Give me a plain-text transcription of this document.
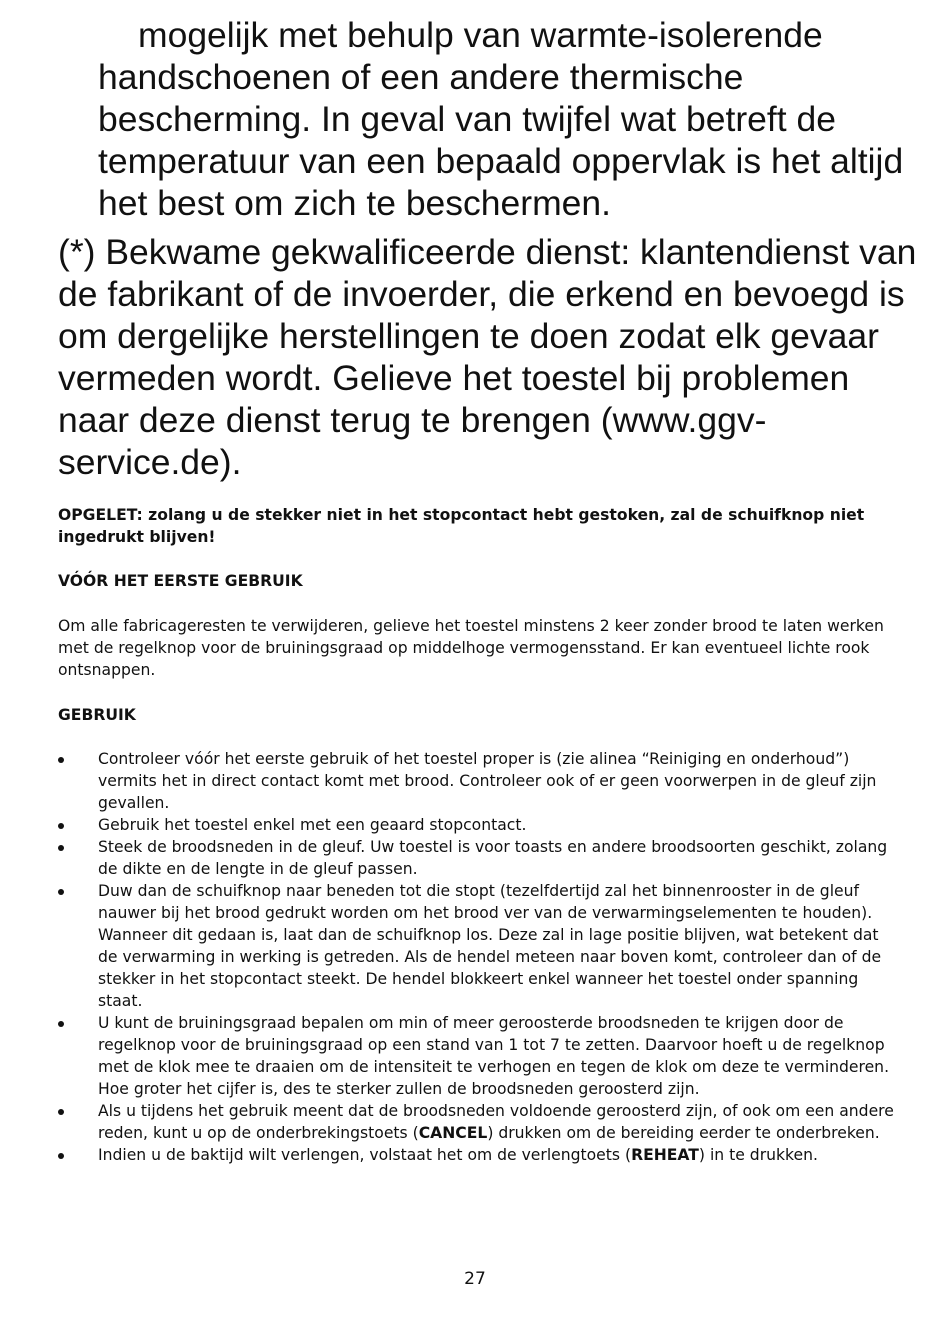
mogelijk met behulp van warmte-isolerende handschoenen of een andere thermische bescherming. In geval van twijfel wat betreft de temperatuur van een bepaald oppervlak is het altijd het best om zich te beschermen.

(*) Bekwame gekwalificeerde dienst: klantendienst van de fabrikant of de invoerder, die erkend en bevoegd is om dergelijke herstellingen te doen zodat elk gevaar vermeden wordt. Gelieve het toestel bij problemen naar deze dienst terug te brengen (www.ggv-service.de).

OPGELET: zolang u de stekker niet in het stopcontact hebt gestoken, zal de schuifknop niet ingedrukt blijven!

VÓÓR HET EERSTE GEBRUIK

Om alle fabricageresten te verwijderen, gelieve het toestel minstens 2 keer zonder brood te laten werken met de regelknop voor de bruiningsgraad op middelhoge vermogensstand. Er kan eventueel lichte rook ontsnappen.

GEBRUIK

Controleer vóór het eerste gebruik of het toestel proper is (zie alinea “Reiniging en onderhoud”) vermits het in direct contact komt met brood. Controleer ook of er geen voorwerpen in de gleuf zijn gevallen.
Gebruik het toestel enkel met een geaard stopcontact.
Steek de broodsneden in de gleuf. Uw toestel is voor toasts en andere broodsoorten geschikt, zolang de dikte en de lengte in de gleuf passen.
Duw dan de schuifknop naar beneden tot die stopt (tezelfdertijd zal het binnenrooster in de gleuf nauwer bij het brood gedrukt worden om het brood ver van de verwarmingselementen te houden). Wanneer dit gedaan is, laat dan de schuifknop los. Deze zal in lage positie blijven, wat betekent dat de verwarming in werking is getreden. Als de hendel meteen naar boven komt, controleer dan of de stekker in het stopcontact steekt. De hendel blokkeert enkel wanneer het toestel onder spanning staat.
U kunt de bruiningsgraad bepalen om min of meer geroosterde broodsneden te krijgen door de regelknop voor de bruiningsgraad op een stand van 1 tot 7 te zetten. Daarvoor hoeft u de regelknop met de klok mee te draaien om de intensiteit te verhogen en tegen de klok om deze te verminderen. Hoe groter het cijfer is, des te sterker zullen de broodsneden geroosterd zijn.
Als u tijdens het gebruik meent dat de broodsneden voldoende geroosterd zijn, of ook om een andere reden, kunt u op de onderbrekingstoets (CANCEL) drukken om de bereiding eerder te onderbreken.
Indien u de baktijd wilt verlengen, volstaat het om de verlengtoets (REHEAT) in te drukken.
27
